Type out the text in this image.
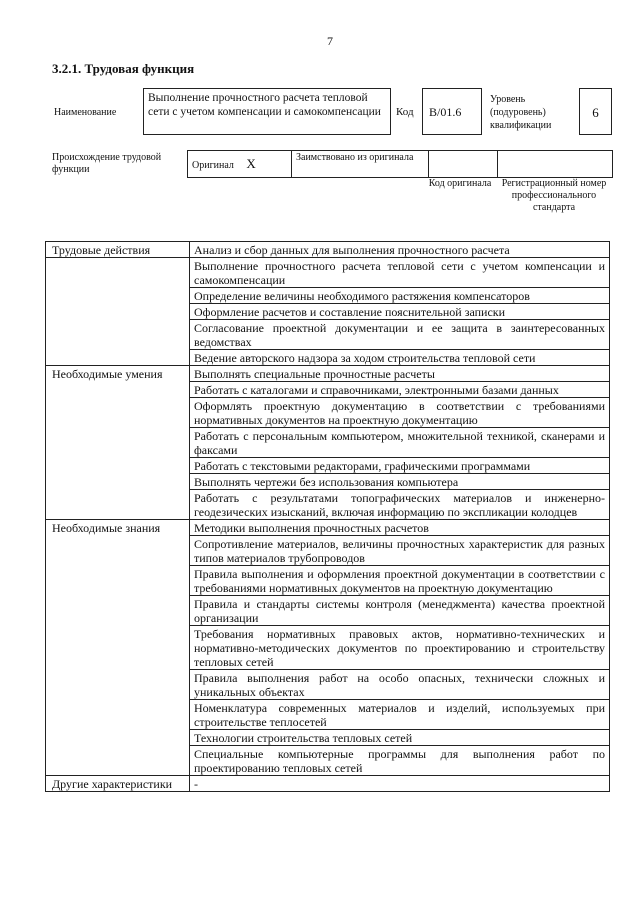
7
3.2.1. Трудовая функция
Наименование
Выполнение прочностного расчета тепловой сети с учетом компенсации и самокомпенсации	Код	B/01.6
Уровень (подуровень) квалификации
6
Происхождение трудовой функции	Оригинал X	Заимствовано из оригинала		
Код оригинала	Регистрационный номер профессионального стандарта
Трудовые действия	Анализ и сбор данных для выполнения прочностного расчета
	Выполнение прочностного расчета тепловой сети с учетом компенсации и самокомпенсации
	Определение величины необходимого растяжения компенсаторов
	Оформление расчетов и составление пояснительной записки
	Согласование проектной документации и ее защита в заинтересованных ведомствах
	Ведение авторского надзора за ходом строительства тепловой сети
Необходимые умения	Выполнять специальные прочностные расчеты
	Работать с каталогами и справочниками, электронными базами данных
	Оформлять проектную документацию в соответствии с требованиями нормативных документов на проектную документацию
	Работать с персональным компьютером, множительной техникой, сканерами и факсами
	Работать с текстовыми редакторами, графическими программами
	Выполнять чертежи без использования компьютера
	Работать с результатами топографических материалов и инженерно-геодезических изысканий, включая информацию по экспликации колодцев
Необходимые знания	Методики выполнения прочностных расчетов
	Сопротивление материалов, величины прочностных характеристик для разных типов материалов трубопроводов
	Правила выполнения и оформления проектной документации в соответствии с требованиями нормативных документов на проектную документацию
	Правила и стандарты системы контроля (менеджмента) качества проектной организации
	Требования нормативных правовых актов, нормативно-технических и нормативно-методических документов по проектированию и строительству тепловых сетей
	Правила выполнения работ на особо опасных, технически сложных и уникальных объектах
	Номенклатура современных материалов и изделий, используемых при строительстве теплосетей
	Технологии строительства тепловых сетей
	Специальные компьютерные программы для выполнения работ по проектированию тепловых сетей
Другие характеристики	-
